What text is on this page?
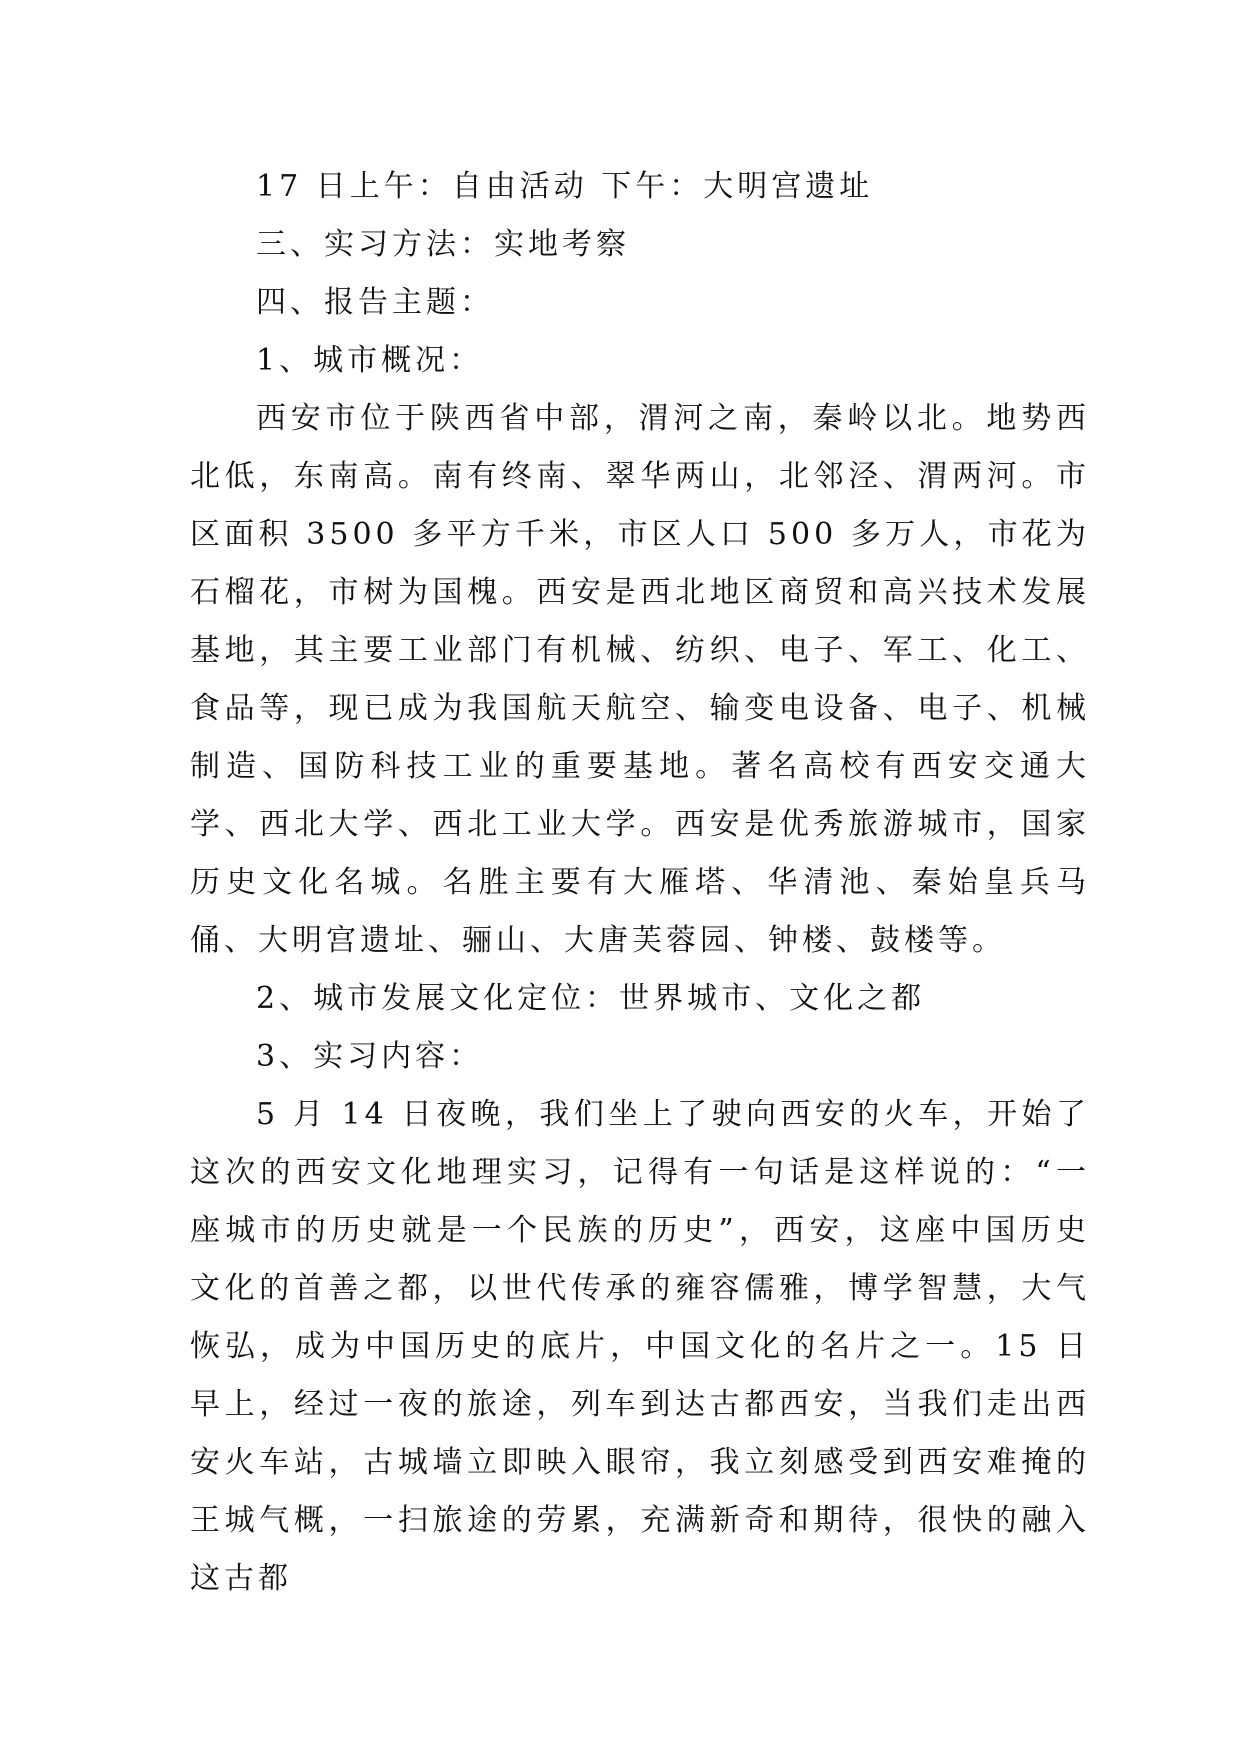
17 日上午：自由活动 下午：大明宫遗址

三、实习方法：实地考察

四、报告主题：

1、城市概况：

西安市位于陕西省中部，渭河之南，秦岭以北。地势西北低，东南高。南有终南、翠华两山，北邻泾、渭两河。市区面积 3500 多平方千米，市区人口 500 多万人，市花为石榴花，市树为国槐。西安是西北地区商贸和高兴技术发展基地，其主要工业部门有机械、纺织、电子、军工、化工、食品等，现已成为我国航天航空、输变电设备、电子、机械制造、国防科技工业的重要基地。著名高校有西安交通大学、西北大学、西北工业大学。西安是优秀旅游城市，国家历史文化名城。名胜主要有大雁塔、华清池、秦始皇兵马俑、大明宫遗址、骊山、大唐芙蓉园、钟楼、鼓楼等。

2、城市发展文化定位：世界城市、文化之都

3、实习内容：

5 月 14 日夜晚，我们坐上了驶向西安的火车，开始了这次的西安文化地理实习，记得有一句话是这样说的：“一座城市的历史就是一个民族的历史”，西安，这座中国历史文化的首善之都，以世代传承的雍容儒雅，博学智慧，大气恢弘，成为中国历史的底片，中国文化的名片之一。15 日早上，经过一夜的旅途，列车到达古都西安，当我们走出西安火车站，古城墙立即映入眼帘，我立刻感受到西安难掩的王城气概，一扫旅途的劳累，充满新奇和期待，很快的融入这古都
